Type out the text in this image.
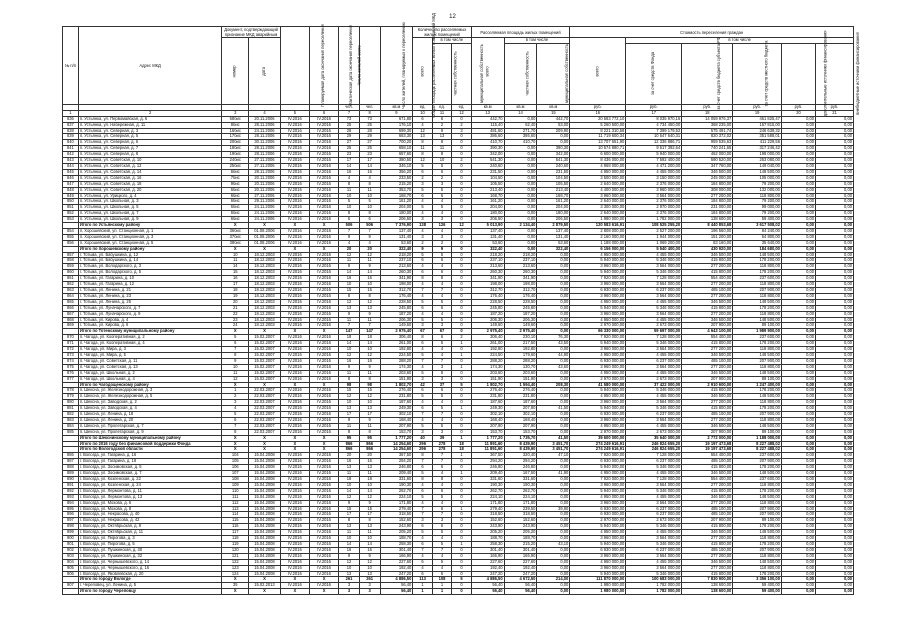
12
№ п/п	Адрес МКД	Документ, подтверждающий признание МКД аварийным		Планируемая дата окончания переселения	Фактическая дата окончания переселения	Число жителей всего	Число жителей, планируемых к переселению	Общая площадь расселяемых жилых помещений МКД	Количество расселяемых жилых помещений			Расселяемая площадь жилых помещений			Стоимость переселения граждан					
		номер	дата						всего	в том числе		всего	в том числе		всего	в том числе				
										частная собственность	муниципальная собственность		частная собственность	муниципальная собственность		за счет средств Фонда	за счет средств бюджета субъекта РФ	за счет средств местного бюджета	дополнительные источники финансирования	внебюджетные источники финансирования
						чел.	чел.	кв.м	ед.	ед.	ед.	кв.м	кв.м	кв.м	руб.	руб.	руб.	руб.	руб.	руб.
1	2	3	4	5	6	7	8	9	10	11	12	13	14	15	16	17	18	19	20	21
836	п. Устьянка, ул. Первомайская, д. 6	68бис	20.11.2006	IV.2016	IV.2016	73	73	671,80	6	6	0	442,70	0,00	442,70	20 583 772,10	8 035 970,16	14 059 976,37	461 825,47	0,00	0,00
837	п. Устьянка, ул. Набережная, д. 11	8бис	28.11.2006	IV.2016	IV.2016	25	25	176,10	4	2	2	115,40	62,40	53,00	5 260 500,00	4 734 450,00	368 235,00	157 815,00	0,00	0,00
838	п. Устьянка, ул. Северная, д. 3	16бис	24.11.2006	IV.2016	IV.2016	28	28	699,30	12	9	3	481,60	271,70	209,90	8 221 310,58	7 399 179,52	575 491,74	246 639,32	0,00	0,00
839	п. Устьянка, ул. Северная, д. 5	17бис	28.11.2006	IV.2016	IV.2016	29	29	683,30	13	13	0	386,60	386,60	0,00	11 719 600,34	10 547 640,31	820 372,02	351 588,01	0,00	0,00
840	п. Устьянка, ул. Северная, д. 6	20бис	30.11.2006	IV.2016	IV.2016	27	27	700,20	8	8	0	410,70	410,70	0,00	13 707 651,90	12 336 886,71	959 535,63	411 229,56	0,00	0,00
841	п. Устьянка, ул. Северная, д. 7	18бис	28.11.2006	IV.2016	IV.2016	25	25	658,10	11	11	0	390,30	0,00	390,30	10 574 880,71	9 517 392,64	740 241,65	317 246,42	0,00	0,00
842	п. Устьянка, ул. Северная, д. 8	19бис	28.11.2006	IV.2016	IV.2016	23	23	657,60	8	8	0	342,00	0,00	342,00	6 600 000,00	5 940 000,00	462 000,00	198 000,00	0,00	0,00
843	п. Устьянка, ул. Советская, д. 10	24бис	27.11.2006	IV.2016	IV.2016	17	17	380,50	12	10	2	541,30	0,00	541,30	8 436 000,00	7 592 400,00	590 520,00	253 080,00	0,00	0,00
844	п. Устьянка, ул. Советская, д. 12	25бис	27.11.2006	IV.2016	IV.2016	14	14	346,10	5	5	0	240,60	0,00	240,60	4 968 000,00	4 471 200,00	347 760,00	149 040,00	0,00	0,00
845	п. Устьянка, ул. Советская, д. 14	6бис	28.11.2006	IV.2016	IV.2016	16	16	356,20	6	6	0	231,50	0,00	231,50	4 950 000,00	4 455 000,00	346 500,00	148 500,00	0,00	0,00
846	п. Устьянка, ул. Советская, д. 16	7бис	20.11.2006	IV.2016	IV.2016	4	4	233,50	2	2	0	104,50	0,00	104,50	3 500 000,00	3 150 000,00	245 000,00	105 000,00	0,00	0,00
847	п. Устьянка, ул. Советская, д. 18	9бис	20.11.2006	IV.2016	IV.2016	8	8	215,20	3	3	0	105,50	0,00	105,50	2 640 000,00	2 376 000,00	184 800,00	79 200,00	0,00	0,00
848	п. Устьянка, ул. Советская, д. 20	6бис	20.11.2006	IV.2016	IV.2016	11	11	353,70	5	5	0	213,40	0,00	213,40	4 400 000,00	3 960 000,00	308 000,00	132 000,00	0,00	0,00
849	п. Устьянка, ул. Урицкого, д. 4	6бис	27.11.2006	IV.2016	IV.2016	10	10	168,70	6	6	0	168,70	0,00	168,70	3 960 000,00	3 564 000,00	277 200,00	118 800,00	0,00	0,00
850	п. Устьянка, ул. Школьная, д. 3	6бис	29.11.2006	IV.2016	IV.2016	5	5	161,20	4	4	0	161,20	0,00	161,20	2 640 000,00	2 376 000,00	184 800,00	79 200,00	0,00	0,00
851	п. Устьянка, ул. Школьная, д. 5	6бис	24.11.2006	IV.2016	IV.2016	10	10	204,00	5	5	0	204,00	0,00	204,00	3 300 000,00	2 970 000,00	231 000,00	99 000,00	0,00	0,00
852	п. Устьянка, ул. Школьная, д. 7	6бис	24.11.2006	IV.2016	IV.2016	8	8	180,00	4	4	0	180,00	0,00	180,00	2 640 000,00	2 376 000,00	184 800,00	79 200,00	0,00	0,00
853	п. Устьянка, ул. Школьная, д. 9	6бис	24.11.2006	IV.2016	IV.2016	6	6	206,50	3	3	0	206,50	0,00	206,50	1 980 000,00	1 782 000,00	138 600,00	59 400,00	0,00	0,00
	Итого по Устьянскому району	X	X	X	X	506	506	7 376,90	138	126	12	5 013,90	2 134,40	2 879,50	120 583 616,91	108 525 255,20	8 440 853,68	3 617 508,02	0,00	0,00
854	п. Хорошевский, ул. Станционная, д. 1	36бис	01.08.2006	IV.2016	IV.2016	7	7	137,40	4	4	0	137,40	0,00	137,40	2 808 000,00	2 527 200,00	196 560,00	84 240,00	0,00	0,00
855	п. Хорошевский, ул. Станционная, д. 3	37бис	01.08.2006	IV.2016	IV.2016	9	9	131,40	3	3	0	131,40	0,00	131,40	2 160 000,00	1 944 000,00	151 200,00	64 800,00	0,00	0,00
856	п. Хорошевский, ул. Станционная, д. 5	38бис	01.08.2006	IV.2016	IV.2016	4	4	53,60	2	2	0	53,60	0,00	53,60	1 188 000,00	1 069 200,00	83 160,00	35 640,00	0,00	0,00
	Итого по Хорошевскому району	X	X	X	X	20	20	322,40	9	9	0	322,40	0,00	322,40	6 156 000,00	5 540 400,00	430 920,00	184 680,00	0,00	0,00
857	г. Тотьма, ул. Бабушкина, д. 12	10	18.12.2003	IV.2016	IV.2016	12	12	218,20	5	5	0	218,20	218,20	0,00	4 950 000,00	4 455 000,00	346 500,00	148 500,00	0,00	0,00
858	г. Тотьма, ул. Бабушкина, д. 14	11	18.12.2003	IV.2016	IV.2016	11	11	237,10	6	6	0	237,10	237,10	0,00	5 940 000,00	5 346 000,00	415 800,00	178 200,00	0,00	0,00
859	г. Тотьма, ул. Володарского, д. 3	14	18.12.2003	IV.2016	IV.2016	9	9	213,60	4	4	0	213,60	213,60	0,00	3 960 000,00	3 564 000,00	277 200,00	118 800,00	0,00	0,00
860	г. Тотьма, ул. Володарского, д. 5	15	18.12.2003	IV.2016	IV.2016	14	14	260,30	6	6	0	260,30	260,30	0,00	5 940 000,00	5 346 000,00	415 800,00	178 200,00	0,00	0,00
861	г. Тотьма, ул. Гагарина, д. 10	16	18.12.2003	IV.2016	IV.2016	16	16	341,90	8	8	0	341,90	341,90	0,00	7 920 000,00	7 128 000,00	554 400,00	237 600,00	0,00	0,00
862	г. Тотьма, ул. Гагарина, д. 12	17	18.12.2003	IV.2016	IV.2016	10	10	198,00	4	4	0	198,00	198,00	0,00	3 960 000,00	3 564 000,00	277 200,00	118 800,00	0,00	0,00
863	г. Тотьма, ул. Ленина, д. 21	18	18.12.2003	IV.2016	IV.2016	15	15	312,70	7	7	0	312,70	312,70	0,00	6 930 000,00	6 237 000,00	485 100,00	207 900,00	0,00	0,00
864	г. Тотьма, ул. Ленина, д. 23	19	18.12.2003	IV.2016	IV.2016	8	8	176,40	4	4	0	176,40	176,40	0,00	3 960 000,00	3 564 000,00	277 200,00	118 800,00	0,00	0,00
865	г. Тотьма, ул. Ленина, д. 25	20	18.12.2003	IV.2016	IV.2016	12	12	228,50	5	5	0	228,50	228,50	0,00	4 950 000,00	4 455 000,00	346 500,00	148 500,00	0,00	0,00
866	г. Тотьма, ул. Луначарского, д. 7	21	18.12.2003	IV.2016	IV.2016	13	13	245,80	6	6	0	245,80	245,80	0,00	5 940 000,00	5 346 000,00	415 800,00	178 200,00	0,00	0,00
867	г. Тотьма, ул. Луначарского, д. 9	22	18.12.2003	IV.2016	IV.2016	9	9	187,20	4	4	0	187,20	187,20	0,00	3 960 000,00	3 564 000,00	277 200,00	118 800,00	0,00	0,00
868	г. Тотьма, ул. Кирова, д. 4	23	18.12.2003	IV.2016	IV.2016	11	11	206,30	5	5	0	206,30	206,30	0,00	4 950 000,00	4 455 000,00	346 500,00	148 500,00	0,00	0,00
869	г. Тотьма, ул. Кирова, д. 6	24	18.12.2003	IV.2016	IV.2016	7	7	149,60	3	3	0	149,60	149,60	0,00	2 970 000,00	2 673 000,00	207 900,00	89 100,00	0,00	0,00
	Итого по Тотемскому муниципальному району	X	X	X	X	147	147	2 975,40	67	67	0	2 975,40	2 975,40	0,00	66 330 000,00	59 697 000,00	4 643 100,00	1 989 900,00	0,00	0,00
870	п. Чагода, ул. Кооперативная, д. 2	5	15.02.2007	IV.2016	IV.2016	18	18	306,40	8	6	2	306,40	230,10	76,30	7 920 000,00	7 128 000,00	554 400,00	237 600,00	0,00	0,00
871	п. Чагода, ул. Кооперативная, д. 4	6	15.02.2007	IV.2016	IV.2016	14	14	261,00	6	5	1	261,00	217,50	43,50	5 940 000,00	5 346 000,00	415 800,00	178 200,00	0,00	0,00
872	п. Чагода, ул. Мира, д. 3	7	15.02.2007	IV.2016	IV.2016	10	10	192,80	4	4	0	192,80	192,80	0,00	3 960 000,00	3 564 000,00	277 200,00	118 800,00	0,00	0,00
873	п. Чагода, ул. Мира, д. 5	8	15.02.2007	IV.2016	IV.2016	12	12	224,50	5	4	1	224,50	179,60	44,90	4 950 000,00	4 455 000,00	346 500,00	148 500,00	0,00	0,00
874	п. Чагода, ул. Советская, д. 11	9	15.02.2007	IV.2016	IV.2016	16	16	288,20	7	7	0	288,20	288,20	0,00	6 930 000,00	6 237 000,00	485 100,00	207 900,00	0,00	0,00
875	п. Чагода, ул. Советская, д. 13	10	15.02.2007	IV.2016	IV.2016	9	9	174,30	4	3	1	174,30	130,70	43,60	3 960 000,00	3 564 000,00	277 200,00	118 800,00	0,00	0,00
876	п. Чагода, ул. Школьная, д. 2	11	15.02.2007	IV.2016	IV.2016	11	11	203,60	5	5	0	203,60	203,60	0,00	4 950 000,00	4 455 000,00	346 500,00	148 500,00	0,00	0,00
877	п. Чагода, ул. Школьная, д. 4	12	15.02.2007	IV.2016	IV.2016	8	8	151,90	3	3	0	151,90	151,90	0,00	2 970 000,00	2 673 000,00	207 900,00	89 100,00	0,00	0,00
	Итого по Чагодощенскому району	X	X	X	X	98	98	1 802,70	42	37	5	1 802,70	1 594,40	208,30	41 580 000,00	37 422 000,00	2 910 600,00	1 247 400,00	0,00	0,00
878	п. Шексна, ул. Железнодорожная, д. 3	1	22.03.2007	IV.2016	IV.2016	15	15	276,40	6	6	0	276,40	276,40	0,00	5 940 000,00	5 346 000,00	415 800,00	178 200,00	0,00	0,00
879	п. Шексна, ул. Железнодорожная, д. 5	2	22.03.2007	IV.2016	IV.2016	12	12	231,80	5	5	0	231,80	231,80	0,00	4 950 000,00	4 455 000,00	346 500,00	148 500,00	0,00	0,00
880	п. Шексна, ул. Заводская, д. 2	3	22.03.2007	IV.2016	IV.2016	10	10	187,60	4	4	0	187,60	187,60	0,00	3 960 000,00	3 564 000,00	277 200,00	118 800,00	0,00	0,00
881	п. Шексна, ул. Заводская, д. 4	4	22.03.2007	IV.2016	IV.2016	13	13	249,30	6	5	1	249,30	207,80	41,50	5 940 000,00	5 346 000,00	415 800,00	178 200,00	0,00	0,00
882	п. Шексна, ул. Ленина, д. 18	5	22.03.2007	IV.2016	IV.2016	17	17	302,10	7	7	0	302,10	302,10	0,00	6 930 000,00	6 237 000,00	485 100,00	207 900,00	0,00	0,00
883	п. Шексна, ул. Ленина, д. 20	6	22.03.2007	IV.2016	IV.2016	9	9	168,40	4	4	0	168,40	168,40	0,00	3 960 000,00	3 564 000,00	277 200,00	118 800,00	0,00	0,00
884	п. Шексна, ул. Пролетарская, д. 7	7	22.03.2007	IV.2016	IV.2016	11	11	207,90	5	5	0	207,90	207,90	0,00	4 950 000,00	4 455 000,00	346 500,00	148 500,00	0,00	0,00
885	п. Шексна, ул. Пролетарская, д. 9	8	22.03.2007	IV.2016	IV.2016	8	8	153,70	3	3	0	153,70	153,70	0,00	2 970 000,00	2 673 000,00	207 900,00	89 100,00	0,00	0,00
	Итого по Шекснинскому муниципальному району	X	X	X	X	95	95	1 777,20	40	39	1	1 777,20	1 735,70	41,50	39 600 000,00	35 640 000,00	2 772 000,00	1 188 000,00	0,00	0,00
	Итого по 2016 году без финансовой поддержки Фонда	X	X	X	X	866	866	14 254,60	296	278	18	11 891,60	8 439,90	3 451,70	274 249 616,91	246 824 655,20	19 197 473,68	8 227 488,02	0,00	0,00
	Итого по Вологодской области	X	X	X	X	866	866	14 254,60	296	278	18	11 891,60	8 439,90	3 451,70	274 249 616,91	246 824 655,20	19 197 473,68	8 227 488,02	0,00	0,00
886	г. Вологда, ул. Гагарина, д. 16	104	15.04.2008	IV.2016	IV.2016	20	20	367,50	8	7	1	367,50	320,40	47,10	7 920 000,00	7 128 000,00	554 400,00	237 600,00	0,00	0,00
887	г. Вологда, ул. Гагарина, д. 18	105	15.04.2008	IV.2016	IV.2016	16	16	294,20	7	7	0	294,20	294,20	0,00	6 930 000,00	6 237 000,00	485 100,00	207 900,00	0,00	0,00
888	г. Вологда, ул. Зосимовская, д. 5	106	15.04.2008	IV.2016	IV.2016	13	13	246,80	6	6	0	246,80	246,80	0,00	5 940 000,00	5 346 000,00	415 800,00	178 200,00	0,00	0,00
889	г. Вологда, ул. Зосимовская, д. 7	107	15.04.2008	IV.2016	IV.2016	11	11	209,40	5	4	1	209,40	167,50	41,90	4 950 000,00	4 455 000,00	346 500,00	148 500,00	0,00	0,00
890	г. Вологда, ул. Козленская, д. 22	108	15.04.2008	IV.2016	IV.2016	18	18	331,60	8	8	0	331,60	331,60	0,00	7 920 000,00	7 128 000,00	554 400,00	237 600,00	0,00	0,00
891	г. Вологда, ул. Козленская, д. 24	109	15.04.2008	IV.2016	IV.2016	10	10	190,30	4	4	0	190,30	190,30	0,00	3 960 000,00	3 564 000,00	277 200,00	118 800,00	0,00	0,00
892	г. Вологда, ул. Лермонтова, д. 11	110	15.04.2008	IV.2016	IV.2016	14	14	262,70	6	6	0	262,70	262,70	0,00	5 940 000,00	5 346 000,00	415 800,00	178 200,00	0,00	0,00
893	г. Вологда, ул. Лермонтова, д. 13	111	15.04.2008	IV.2016	IV.2016	12	12	224,10	5	5	0	224,10	224,10	0,00	4 950 000,00	4 455 000,00	346 500,00	148 500,00	0,00	0,00
894	г. Вологда, ул. Мохова, д. 6	112	15.04.2008	IV.2016	IV.2016	9	9	171,80	4	4	0	171,80	171,80	0,00	3 960 000,00	3 564 000,00	277 200,00	118 800,00	0,00	0,00
895	г. Вологда, ул. Мохова, д. 8	113	15.04.2008	IV.2016	IV.2016	15	15	279,40	7	6	1	279,40	239,50	39,90	6 930 000,00	6 237 000,00	485 100,00	207 900,00	0,00	0,00
896	г. Вологда, ул. Некрасова, д. 40	114	15.04.2008	IV.2016	IV.2016	17	17	318,50	7	7	0	318,50	318,50	0,00	6 930 000,00	6 237 000,00	485 100,00	207 900,00	0,00	0,00
897	г. Вологда, ул. Некрасова, д. 42	115	15.04.2008	IV.2016	IV.2016	8	8	152,60	3	3	0	152,60	152,60	0,00	2 970 000,00	2 673 000,00	207 900,00	89 100,00	0,00	0,00
898	г. Вологда, ул. Октябрьская, д. 9	116	15.04.2008	IV.2016	IV.2016	13	13	243,90	6	6	0	243,90	243,90	0,00	5 940 000,00	5 346 000,00	415 800,00	178 200,00	0,00	0,00
899	г. Вологда, ул. Октябрьская, д. 11	117	15.04.2008	IV.2016	IV.2016	11	11	205,20	5	5	0	205,20	205,20	0,00	4 950 000,00	4 455 000,00	346 500,00	148 500,00	0,00	0,00
900	г. Вологда, ул. Пирогова, д. 3	118	15.04.2008	IV.2016	IV.2016	10	10	188,70	4	4	0	188,70	188,70	0,00	3 960 000,00	3 564 000,00	277 200,00	118 800,00	0,00	0,00
901	г. Вологда, ул. Пирогова, д. 5	119	15.04.2008	IV.2016	IV.2016	14	14	258,30	6	5	1	258,30	215,20	43,10	5 940 000,00	5 346 000,00	415 800,00	178 200,00	0,00	0,00
902	г. Вологда, ул. Пушкинская, д. 30	120	15.04.2008	IV.2016	IV.2016	16	16	301,40	7	7	0	301,40	301,40	0,00	6 930 000,00	6 237 000,00	485 100,00	207 900,00	0,00	0,00
903	г. Вологда, ул. Пушкинская, д. 32	121	15.04.2008	IV.2016	IV.2016	9	9	166,90	4	4	0	166,90	166,90	0,00	3 960 000,00	3 564 000,00	277 200,00	118 800,00	0,00	0,00
904	г. Вологда, ул. Чернышевского, д. 14	122	15.04.2008	IV.2016	IV.2016	12	12	227,60	5	5	0	227,60	227,60	0,00	4 950 000,00	4 455 000,00	346 500,00	148 500,00	0,00	0,00
905	г. Вологда, ул. Чернышевского, д. 16	123	15.04.2008	IV.2016	IV.2016	10	10	192,40	4	4	0	192,40	192,40	0,00	3 960 000,00	3 564 000,00	277 200,00	118 800,00	0,00	0,00
906	г. Вологда, ул. Яковлевская, д. 20	124	15.04.2008	IV.2016	IV.2016	13	13	247,20	6	6	0	247,20	247,20	0,00	5 940 000,00	5 346 000,00	415 800,00	178 200,00	0,00	0,00
	Итого по городу Вологде	X	X	X	X	261	261	4 886,50	113	108	5	4 886,50	4 672,50	214,00	111 870 000,00	100 683 000,00	7 830 900,00	3 356 100,00	0,00	0,00
907	г. Череповец, ул. Ленина, д. 5	35	15.02.2013	IV.2016	IV.2016	3	3	56,40	1	1	0	56,40	56,40	0,00	1 980 000,00	1 782 000,00	138 600,00	59 400,00	0,00	0,00
	Итого по городу Череповцу	X	X	X	X	3	3	56,40	1	1	0	56,40	56,40	0,00	1 980 000,00	1 782 000,00	138 600,00	59 400,00	0,00	0,00
